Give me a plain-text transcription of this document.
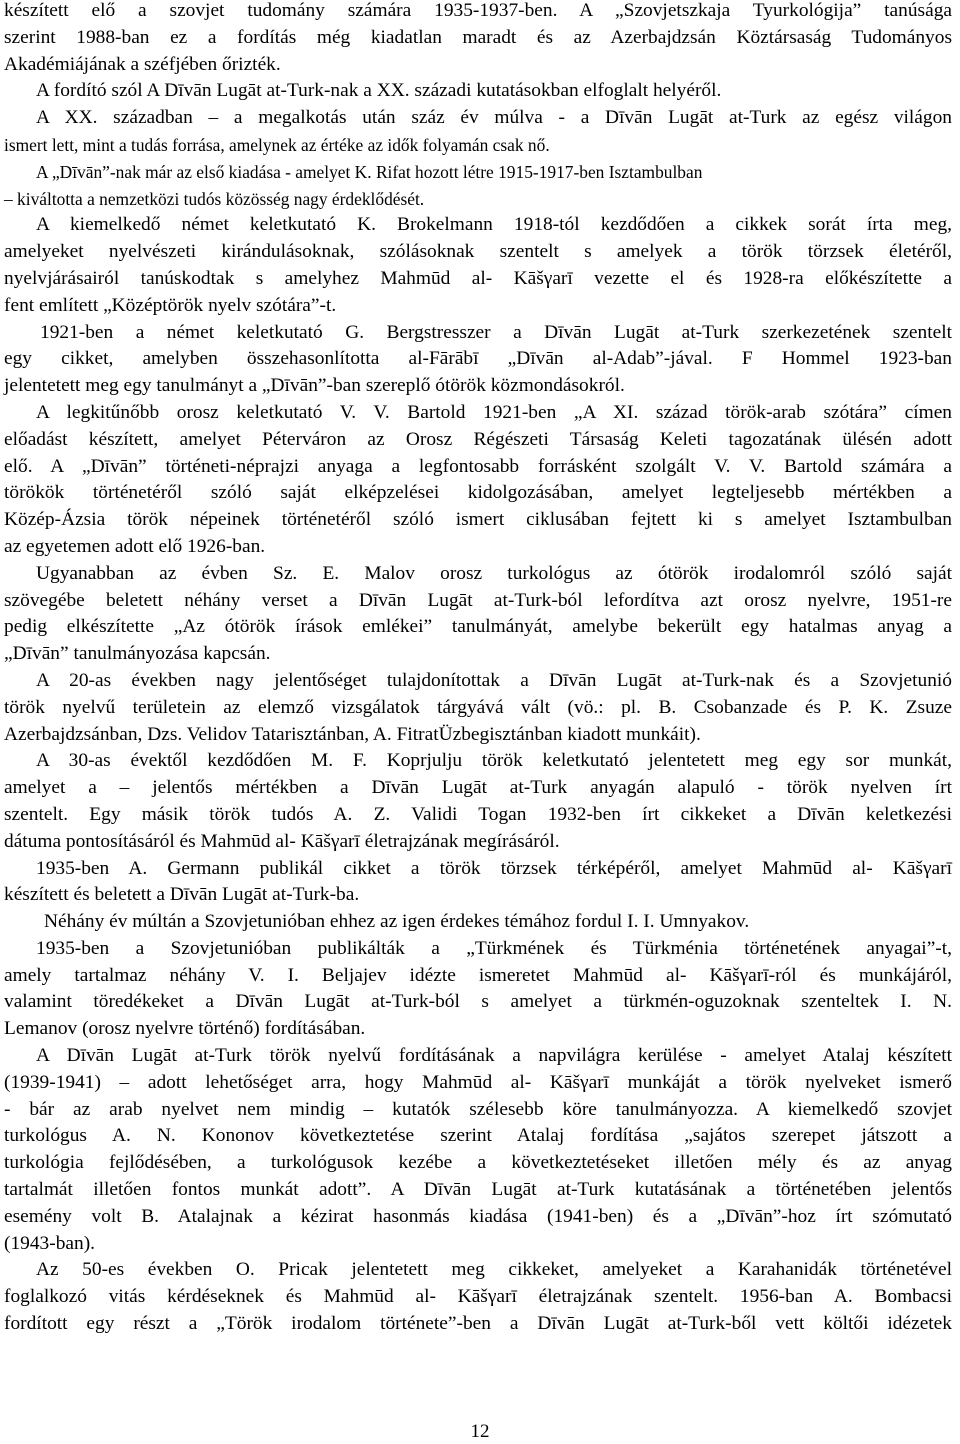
készített elő a szovjet tudomány számára 1935-1937-ben. A „Szovjetszkaja Tyurkológija” tanúsága
szerint 1988-ban ez a fordítás még kiadatlan maradt és az Azerbajdzsán Köztársaság Tudományos
Akadémiájának a széfjében őrizték.
A fordító szól A Dīvān Lugāt at-Turk-nak a XX. századi kutatásokban elfoglalt helyéről.
A XX. században – a megalkotás után száz év múlva - a Dīvān Lugāt at-Turk az egész világon
ismert lett, mint a tudás forrása, amelynek az értéke az idők folyamán csak nő.
A „Dīvān”-nak már az első kiadása - amelyet K. Rifat hozott létre 1915-1917-ben Isztambulban
– kiváltotta a nemzetközi tudós közösség nagy érdeklődését.
A kiemelkedő német keletkutató K. Brokelmann 1918-tól kezdődően a cikkek sorát írta meg,
amelyeket nyelvészeti kirándulásoknak, szólásoknak szentelt s amelyek a török törzsek életéről,
nyelvjárásairól tanúskodtak s amelyhez Mahmūd al- Kāšγarī vezette el és 1928-ra előkészítette a
fent említett „Középtörök nyelv szótára”-t.
1921-ben a német keletkutató G. Bergstresszer a Dīvān Lugāt at-Turk szerkezetének szentelt
egy cikket, amelyben összehasonlította al-Fārābī „Dīvān al-Adab”-jával. F Hommel 1923-ban
jelentetett meg egy tanulmányt a „Dīvān”-ban szereplő ótörök közmondásokról.
A legkitűnőbb orosz keletkutató V. V. Bartold 1921-ben „A XI. század török-arab szótára” címen
előadást készített, amelyet Péterváron az Orosz Régészeti Társaság Keleti tagozatának ülésén adott
elő. A „Dīvān” történeti-néprajzi anyaga a legfontosabb forrásként szolgált V. V. Bartold számára a
törökök történetéről szóló saját elképzelései kidolgozásában, amelyet legteljesebb mértékben a
Közép-Ázsia török népeinek történetéről szóló ismert ciklusában fejtett ki s amelyet Isztambulban
az egyetemen adott elő 1926-ban.
Ugyanabban az évben Sz. E. Malov orosz turkológus az ótörök irodalomról szóló saját
szövegébe beletett néhány verset a Dīvān Lugāt at-Turk-ból lefordítva azt orosz nyelvre, 1951-re
pedig elkészítette „Az ótörök írások emlékei” tanulmányát, amelybe bekerült egy hatalmas anyag a
„Dīvān” tanulmányozása kapcsán.
A 20-as években nagy jelentőséget tulajdonítottak a Dīvān Lugāt at-Turk-nak és a Szovjetunió
török nyelvű területein az elemző vizsgálatok tárgyává vált (vö.: pl. B. Csobanzade és P. K. Zsuze
Azerbajdzsánban, Dzs. Velidov Tatarisztánban, A. FitratÜzbegisztánban kiadott munkáit).
A 30-as évektől kezdődően M. F. Koprjulju török keletkutató jelentetett meg egy sor munkát,
amelyet a – jelentős mértékben a Dīvān Lugāt at-Turk anyagán alapuló - török nyelven írt
szentelt. Egy másik török tudós A. Z. Validi Togan 1932-ben írt cikkeket a Dīvān keletkezési
dátuma pontosításáról és Mahmūd al- Kāšγarī életrajzának megírásáról.
1935-ben A. Germann publikál cikket a török törzsek térképéről, amelyet Mahmūd al- Kāšγarī
készített és beletett a Dīvān Lugāt at-Turk-ba.
Néhány év múltán a Szovjetunióban ehhez az igen érdekes témához fordul I. I. Umnyakov.
1935-ben a Szovjetunióban publikálták a „Türkmének és Türkménia történetének anyagai”-t,
amely tartalmaz néhány V. I. Beljajev idézte ismeretet Mahmūd al- Kāšγarī-ról és munkájáról,
valamint töredékeket a Dīvān Lugāt at-Turk-ból s amelyet a türkmén-oguzoknak szenteltek I. N.
Lemanov (orosz nyelvre történő) fordításában.
A Dīvān Lugāt at-Turk török nyelvű fordításának a napvilágra kerülése - amelyet Atalaj készített
(1939-1941) – adott lehetőséget arra, hogy Mahmūd al- Kāšγarī munkáját a török nyelveket ismerő
- bár az arab nyelvet nem mindig – kutatók szélesebb köre tanulmányozza. A kiemelkedő szovjet
turkológus A. N. Kononov következtetése szerint Atalaj fordítása „sajátos szerepet játszott a
turkológia fejlődésében, a turkológusok kezébe a következtetéseket illetően mély és az anyag
tartalmát illetően fontos munkát adott”. A Dīvān Lugāt at-Turk kutatásának a történetében jelentős
esemény volt B. Atalajnak a kézirat hasonmás kiadása (1941-ben) és a „Dīvān”-hoz írt szómutató
(1943-ban).
Az 50-es években O. Pricak jelentetett meg cikkeket, amelyeket a Karahanidák történetével
foglalkozó vitás kérdéseknek és Mahmūd al- Kāšγarī életrajzának szentelt. 1956-ban A. Bombacsi
fordított egy részt a „Török irodalom története”-ben a Dīvān Lugāt at-Turk-ből vett költői idézetek
12
